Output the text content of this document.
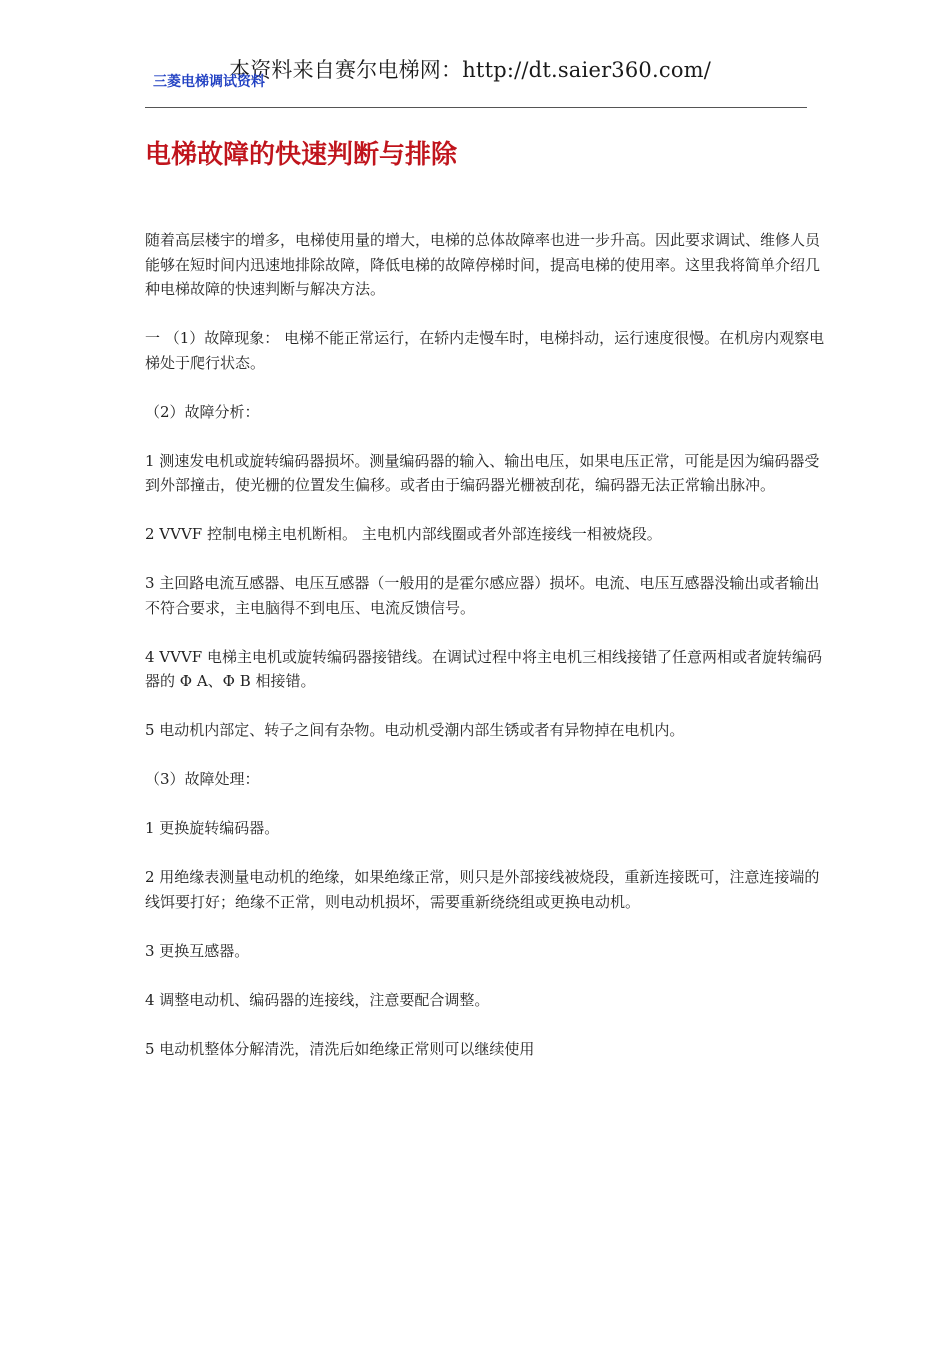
本资料来自赛尔电梯网：http://dt.saier360.com/
三菱电梯调试资料
电梯故障的快速判断与排除

随着高层楼宇的增多，电梯使用量的增大，电梯的总体故障率也进一步升高。因此要求调试、维修人员能够在短时间内迅速地排除故障，降低电梯的故障停梯时间，提高电梯的使用率。这里我将简单介绍几种电梯故障的快速判断与解决方法。

一 （1）故障现象： 电梯不能正常运行，在轿内走慢车时，电梯抖动，运行速度很慢。在机房内观察电梯处于爬行状态。

（2）故障分析：

1 测速发电机或旋转编码器损坏。测量编码器的输入、输出电压，如果电压正常，可能是因为编码器受到外部撞击，使光栅的位置发生偏移。或者由于编码器光栅被刮花，编码器无法正常输出脉冲。

2 VVVF 控制电梯主电机断相。 主电机内部线圈或者外部连接线一相被烧段。

3 主回路电流互感器、电压互感器（一般用的是霍尔感应器）损坏。电流、电压互感器没输出或者输出不符合要求，主电脑得不到电压、电流反馈信号。

4 VVVF 电梯主电机或旋转编码器接错线。在调试过程中将主电机三相线接错了任意两相或者旋转编码器的 Φ A、Φ B 相接错。

5 电动机内部定、转子之间有杂物。电动机受潮内部生锈或者有异物掉在电机内。

（3）故障处理：

1 更换旋转编码器。

2 用绝缘表测量电动机的绝缘，如果绝缘正常，则只是外部接线被烧段，重新连接既可，注意连接端的线饵要打好；绝缘不正常，则电动机损坏，需要重新绕绕组或更换电动机。

3 更换互感器。

4 调整电动机、编码器的连接线，注意要配合调整。

5 电动机整体分解清洗，清洗后如绝缘正常则可以继续使用
